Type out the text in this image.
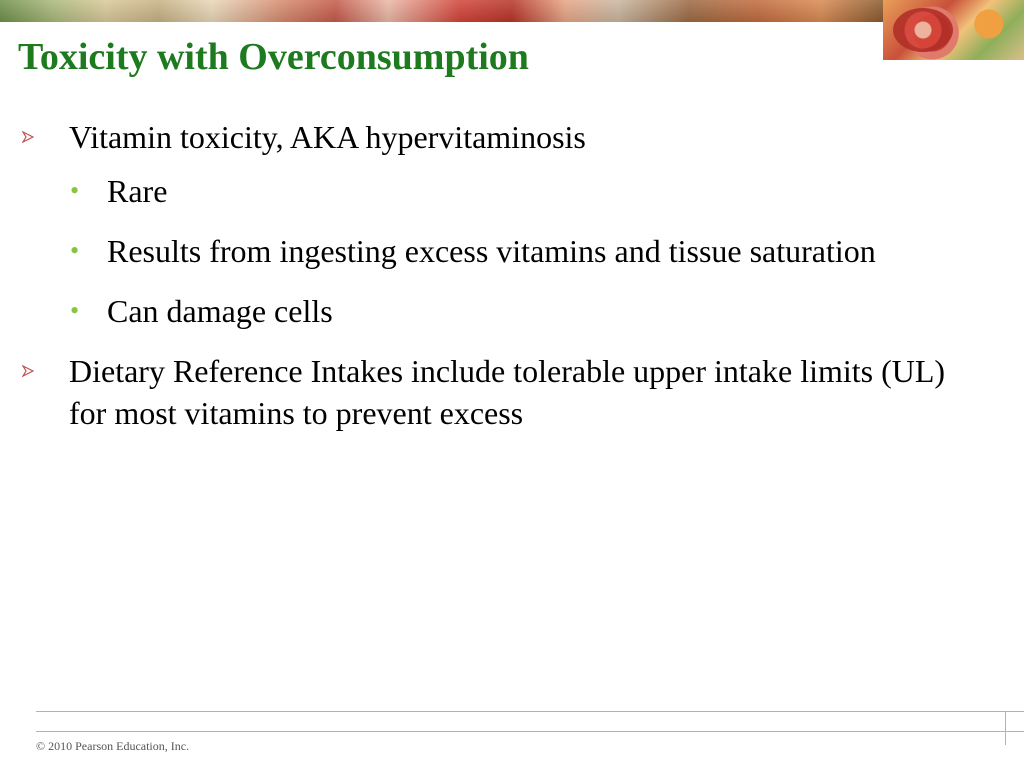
Toxicity with Overconsumption
Vitamin toxicity, AKA hypervitaminosis
• Rare
• Results from ingesting excess vitamins and tissue saturation
• Can damage cells
Dietary Reference Intakes include tolerable upper intake limits (UL) for most vitamins to prevent excess
© 2010 Pearson Education, Inc.
